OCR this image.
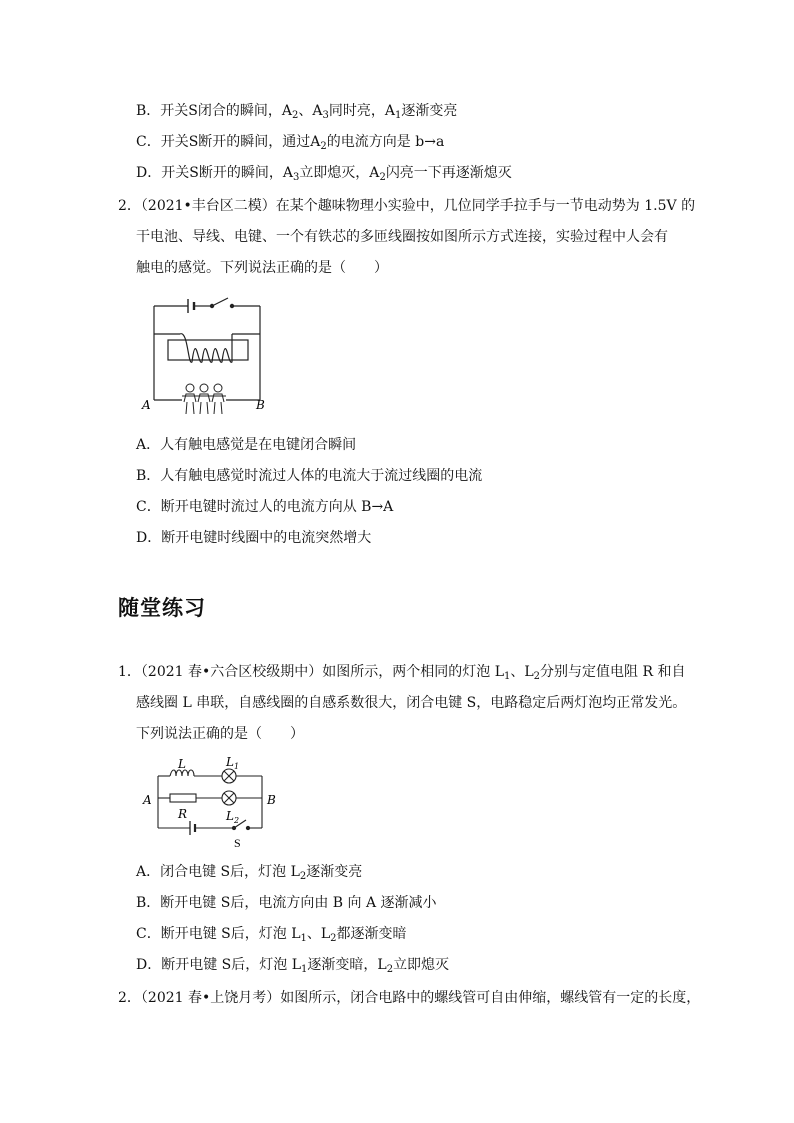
B．开关S闭合的瞬间，$A_2$、$A_3$同时亮，$A_1$逐渐变亮
C．开关S断开的瞬间，通过$A_2$的电流方向是 b→a
D．开关S断开的瞬间，$A_3$立即熄灭，$A_2$闪亮一下再逐渐熄灭
2．（2021•丰台区二模）在某个趣味物理小实验中，几位同学手拉手与一节电动势为 1.5V 的
干电池、导线、电键、一个有铁芯的多匝线圈按如图所示方式连接，实验过程中人会有
触电的感觉。下列说法正确的是（　　）
A	B
A．人有触电感觉是在电键闭合瞬间
B．人有触电感觉时流过人体的电流大于流过线圈的电流
C．断开电键时流过人的电流方向从 B→A
D．断开电键时线圈中的电流突然增大
随堂练习
1．（2021 春•六合区校级期中）如图所示，两个相同的灯泡 $L_1$、$L_2$分别与定值电阻 R 和自
感线圈 L 串联，自感线圈的自感系数很大，闭合电键 S，电路稳定后两灯泡均正常发光。
下列说法正确的是（　　）
L	$L_1$
A	B
R	$L_2$
S
A．闭合电键 S后，灯泡 $L_2$逐渐变亮
B．断开电键 S后，电流方向由 B 向 A 逐渐减小
C．断开电键 S后，灯泡 $L_1$、$L_2$都逐渐变暗
D．断开电键 S后，灯泡 $L_1$逐渐变暗，$L_2$立即熄灭
2．（2021 春•上饶月考）如图所示，闭合电路中的螺线管可自由伸缩，螺线管有一定的长度，
